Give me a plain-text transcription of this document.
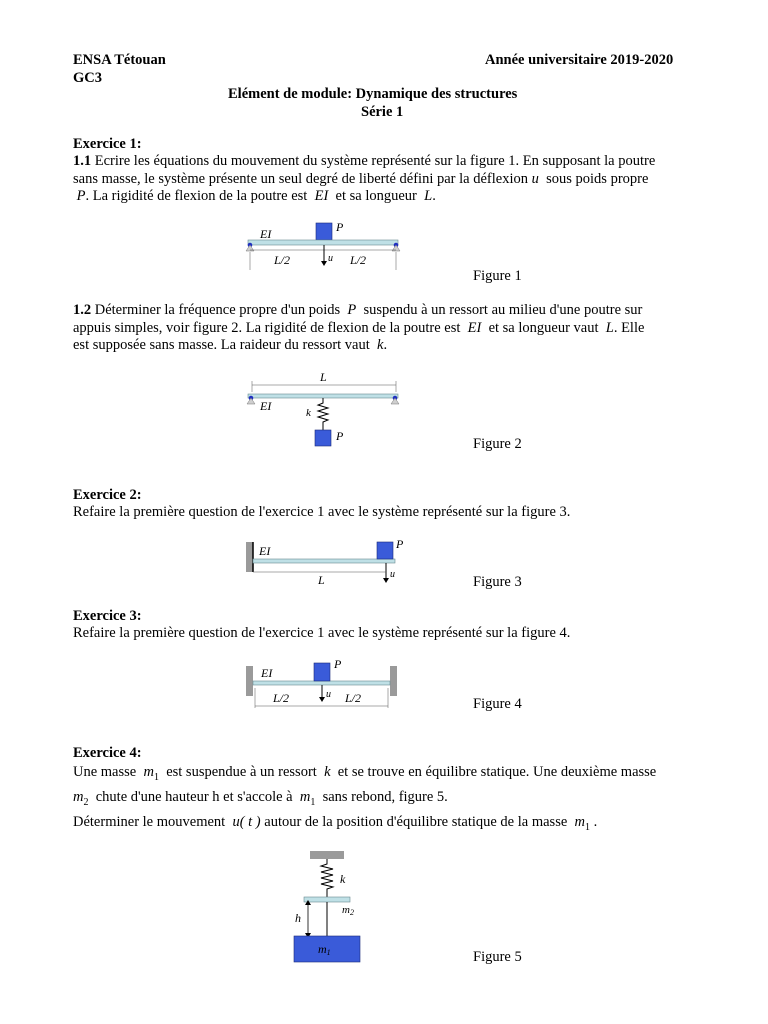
ENSA Tétouan	Année universitaire 2019-2020
GC3
Elément de module: Dynamique des structures
Série 1
Exercice 1:
1.1 Ecrire les équations du mouvement du système représenté sur la figure 1. En supposant la poutre
sans masse, le système présente un seul degré de liberté défini par la déflexion u sous poids propre
P. La rigidité de flexion de la poutre est EI et sa longueur L.
EI	P
u
L/2	L/2
Figure 1
1.2 Déterminer la fréquence propre d'un poids P suspendu à un ressort au milieu d'une poutre sur
appuis simples, voir figure 2. La rigidité de flexion de la poutre est EI et sa longueur vaut L. Elle
est supposée sans masse. La raideur du ressort vaut k.
L
EI	k
P	Figure 2
Exercice 2:
Refaire la première question de l'exercice 1 avec le système représenté sur la figure 3.
EI	P
u
L	Figure 3
Exercice 3:
Refaire la première question de l'exercice 1 avec le système représenté sur la figure 4.
EI
P
u
L/2	L/2	Figure 4
Exercice 4:
Une masse $m_1$ est suspendue à un ressort k et se trouve en équilibre statique. Une deuxième masse
$m_2$ chute d'une hauteur h et s'accole à $m_1$ sans rebond, figure 5.
Déterminer le mouvement u( t ) autour de la position d'équilibre statique de la masse $m_1$ .
k
m2
h
m1	Figure 5
